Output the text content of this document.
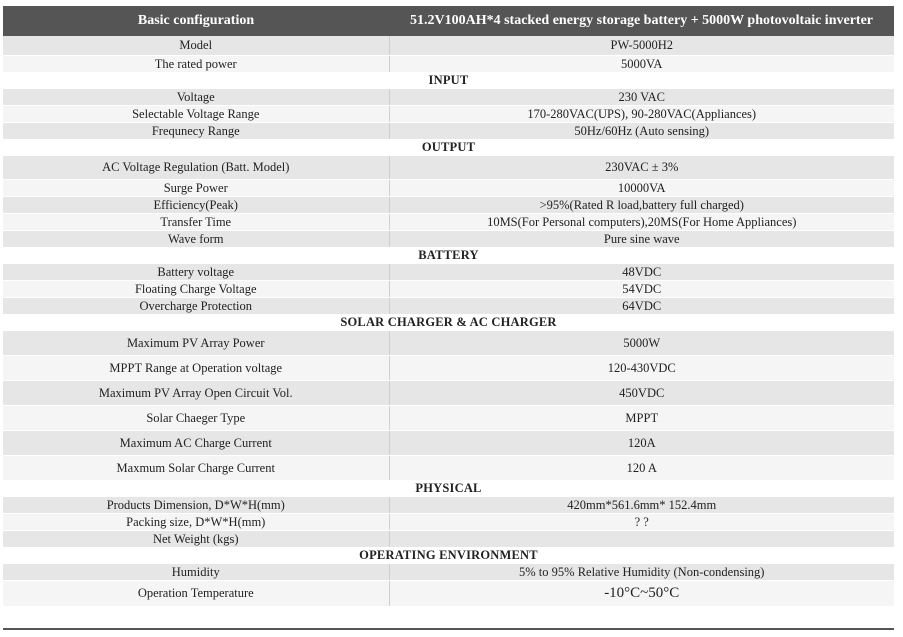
Basic configuration	51.2V100AH*4 stacked energy storage battery + 5000W photovoltaic inverter
Model	PW-5000H2
The rated power	5000VA
INPUT	
Voltage	230 VAC
Selectable Voltage Range	170-280VAC(UPS), 90-280VAC(Appliances)
Frequnecy Range	50Hz/60Hz (Auto sensing)
OUTPUT	
AC Voltage Regulation (Batt. Model)	230VAC ± 3%
Surge Power	10000VA
Efficiency(Peak)	>95%(Rated R load,battery full charged)
Transfer Time	10MS(For Personal computers),20MS(For Home Appliances)
Wave form	Pure sine wave
BATTERY	
Battery voltage	48VDC
Floating Charge Voltage	54VDC
Overcharge Protection	64VDC
SOLAR CHARGER & AC CHARGER	
Maximum PV Array Power	5000W
MPPT Range at Operation voltage	120-430VDC
Maximum PV Array Open Circuit Vol.	450VDC
Solar Chaeger Type	MPPT
Maximum AC Charge Current	120A
Maxmum Solar Charge Current	120 A
PHYSICAL	
Products Dimension, D*W*H(mm)	420mm*561.6mm* 152.4mm
Packing size, D*W*H(mm)	? ?
Net Weight (kgs)	
OPERATING ENVIRONMENT	
Humidity	5% to 95% Relative Humidity (Non-condensing)
Operation Temperature	-10°C~50°C
